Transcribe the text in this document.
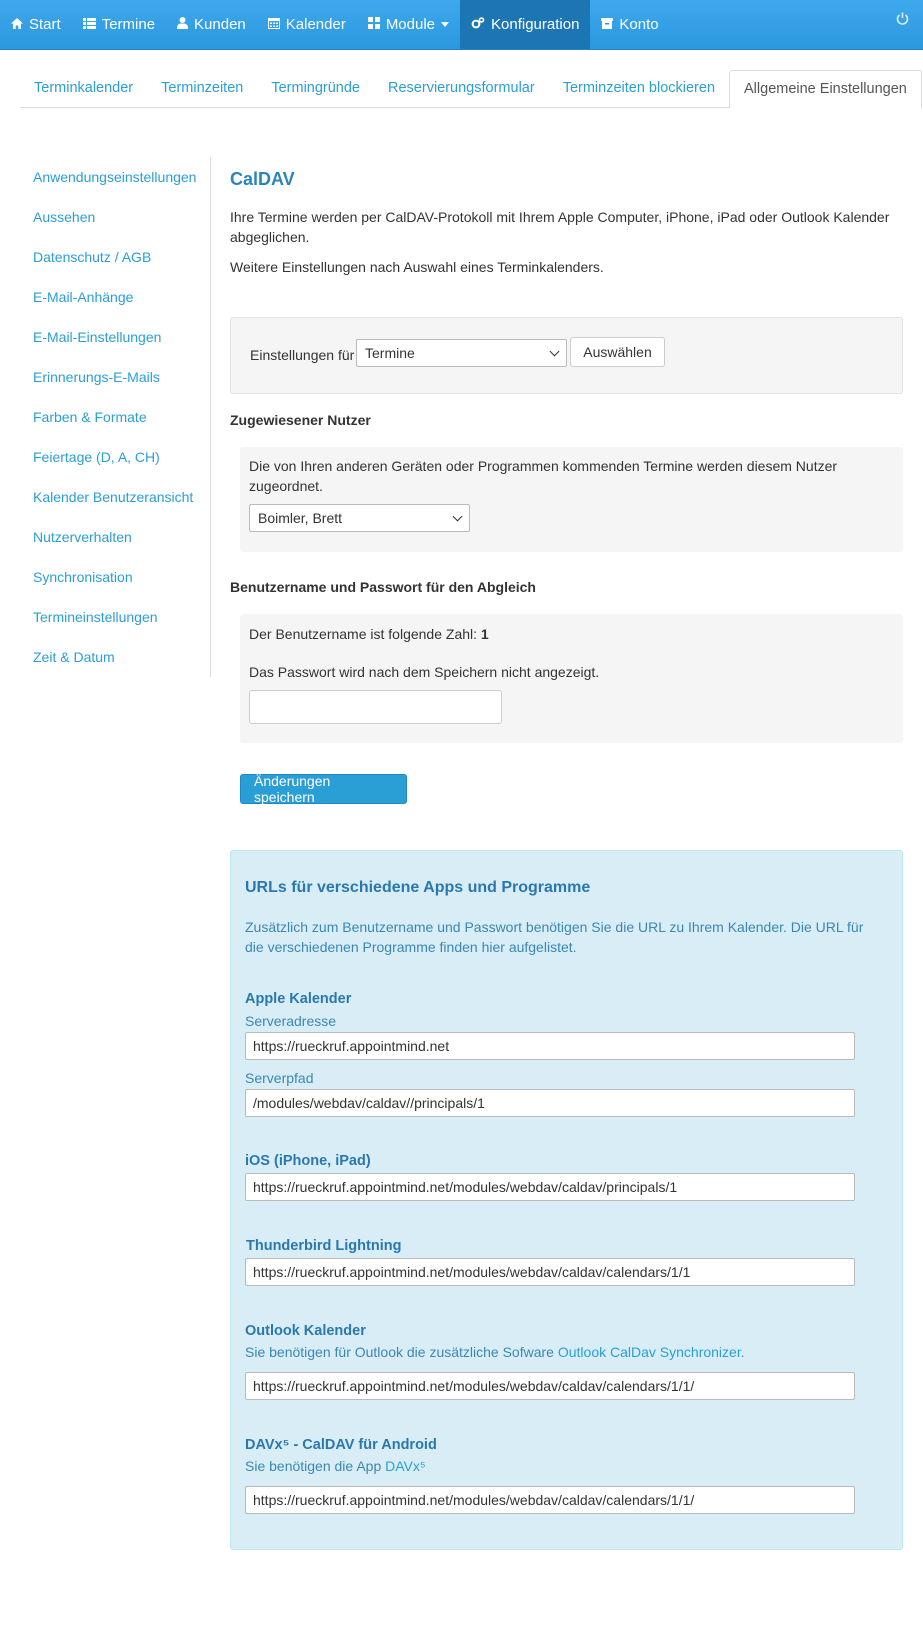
Start	Termine	Kunden	Kalender	Module	Konfiguration	Konto
Terminkalender	Terminzeiten	Termingründe	Reservierungsformular	Terminzeiten blockieren	Allgemeine Einstellungen
Anwendungseinstellungen
Aussehen
Datenschutz / AGB
E-Mail-Anhänge
E-Mail-Einstellungen
Erinnerungs-E-Mails
Farben & Formate
Feiertage (D, A, CH)
Kalender Benutzeransicht
Nutzerverhalten
Synchronisation
Termineinstellungen
Zeit & Datum
CalDAV

Ihre Termine werden per CalDAV-Protokoll mit Ihrem Apple Computer, iPhone, iPad oder Outlook Kalender abgeglichen.

Weitere Einstellungen nach Auswahl eines Terminkalenders.

Einstellungen für Termine	Auswählen
Zugewiesener Nutzer

Die von Ihren anderen Geräten oder Programmen kommenden Termine werden diesem Nutzer zugeordnet.

Boimler, Brett
Benutzername und Passwort für den Abgleich
Der Benutzername ist folgende Zahl: 1

Das Passwort wird nach dem Speichern nicht angezeigt.

Änderungen speichern
URLs für verschiedene Apps und Programme

Zusätzlich zum Benutzername und Passwort benötigen Sie die URL zu Ihrem Kalender. Die URL für die verschiedenen Programme finden hier aufgelistet.

Apple Kalender
Serveradresse
https://rueckruf.appointmind.net
Serverpfad
/modules/webdav/caldav//principals/1
iOS (iPhone, iPad)
https://rueckruf.appointmind.net/modules/webdav/caldav/principals/1
Thunderbird Lightning
https://rueckruf.appointmind.net/modules/webdav/caldav/calendars/1/1
Outlook Kalender
Sie benötigen für Outlook die zusätzliche Sofware Outlook CalDav Synchronizer.
https://rueckruf.appointmind.net/modules/webdav/caldav/calendars/1/1/
DAVx⁵ - CalDAV für Android
Sie benötigen die App DAVx⁵
https://rueckruf.appointmind.net/modules/webdav/caldav/calendars/1/1/
